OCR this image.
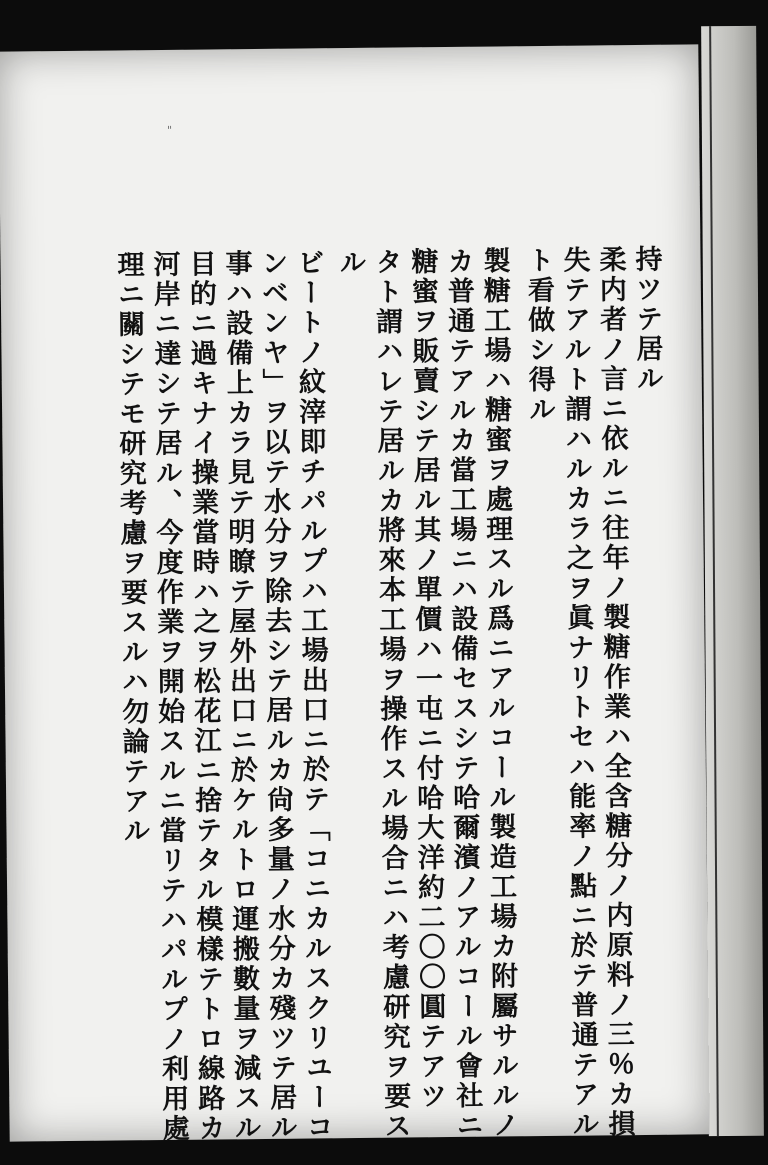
"
持ツテ居ル
柔内者ノ言ニ依ルニ往年ノ製糖作業ハ全含糖分ノ内原料ノ三％カ損
失テアルト謂ハルカラ之ヲ眞ナリトセハ能率ノ點ニ於テ普通テアル
ト看做シ得ル
製糖工場ハ糖蜜ヲ處理スル爲ニアルコール製造工場カ附屬サルルノ
カ普通テアルカ當工場ニハ設備セスシテ哈爾濱ノアルコール會社ニ
糖蜜ヲ販賣シテ居ル其ノ單價ハ一屯ニ付哈大洋約二〇〇圓テアツ
タト謂ハレテ居ルカ將來本工場ヲ操作スル場合ニハ考慮研究ヲ要ス
ル
ビートノ紋滓即チパルプハ工場出口ニ於テ「コニカルスクリユーコ
ンベンヤ」ヲ以テ水分ヲ除去シテ居ルカ尙多量ノ水分カ殘ツテ居ル
事ハ設備上カラ見テ明瞭テ屋外出口ニ於ケルトロ運搬數量ヲ減スル
目的ニ過キナイ操業當時ハ之ヲ松花江ニ捨テタル模樣テトロ線路カ
河岸ニ達シテ居ル、今度作業ヲ開始スルニ當リテハパルプノ利用處
理ニ關シテモ研究考慮ヲ要スルハ勿論テアル
